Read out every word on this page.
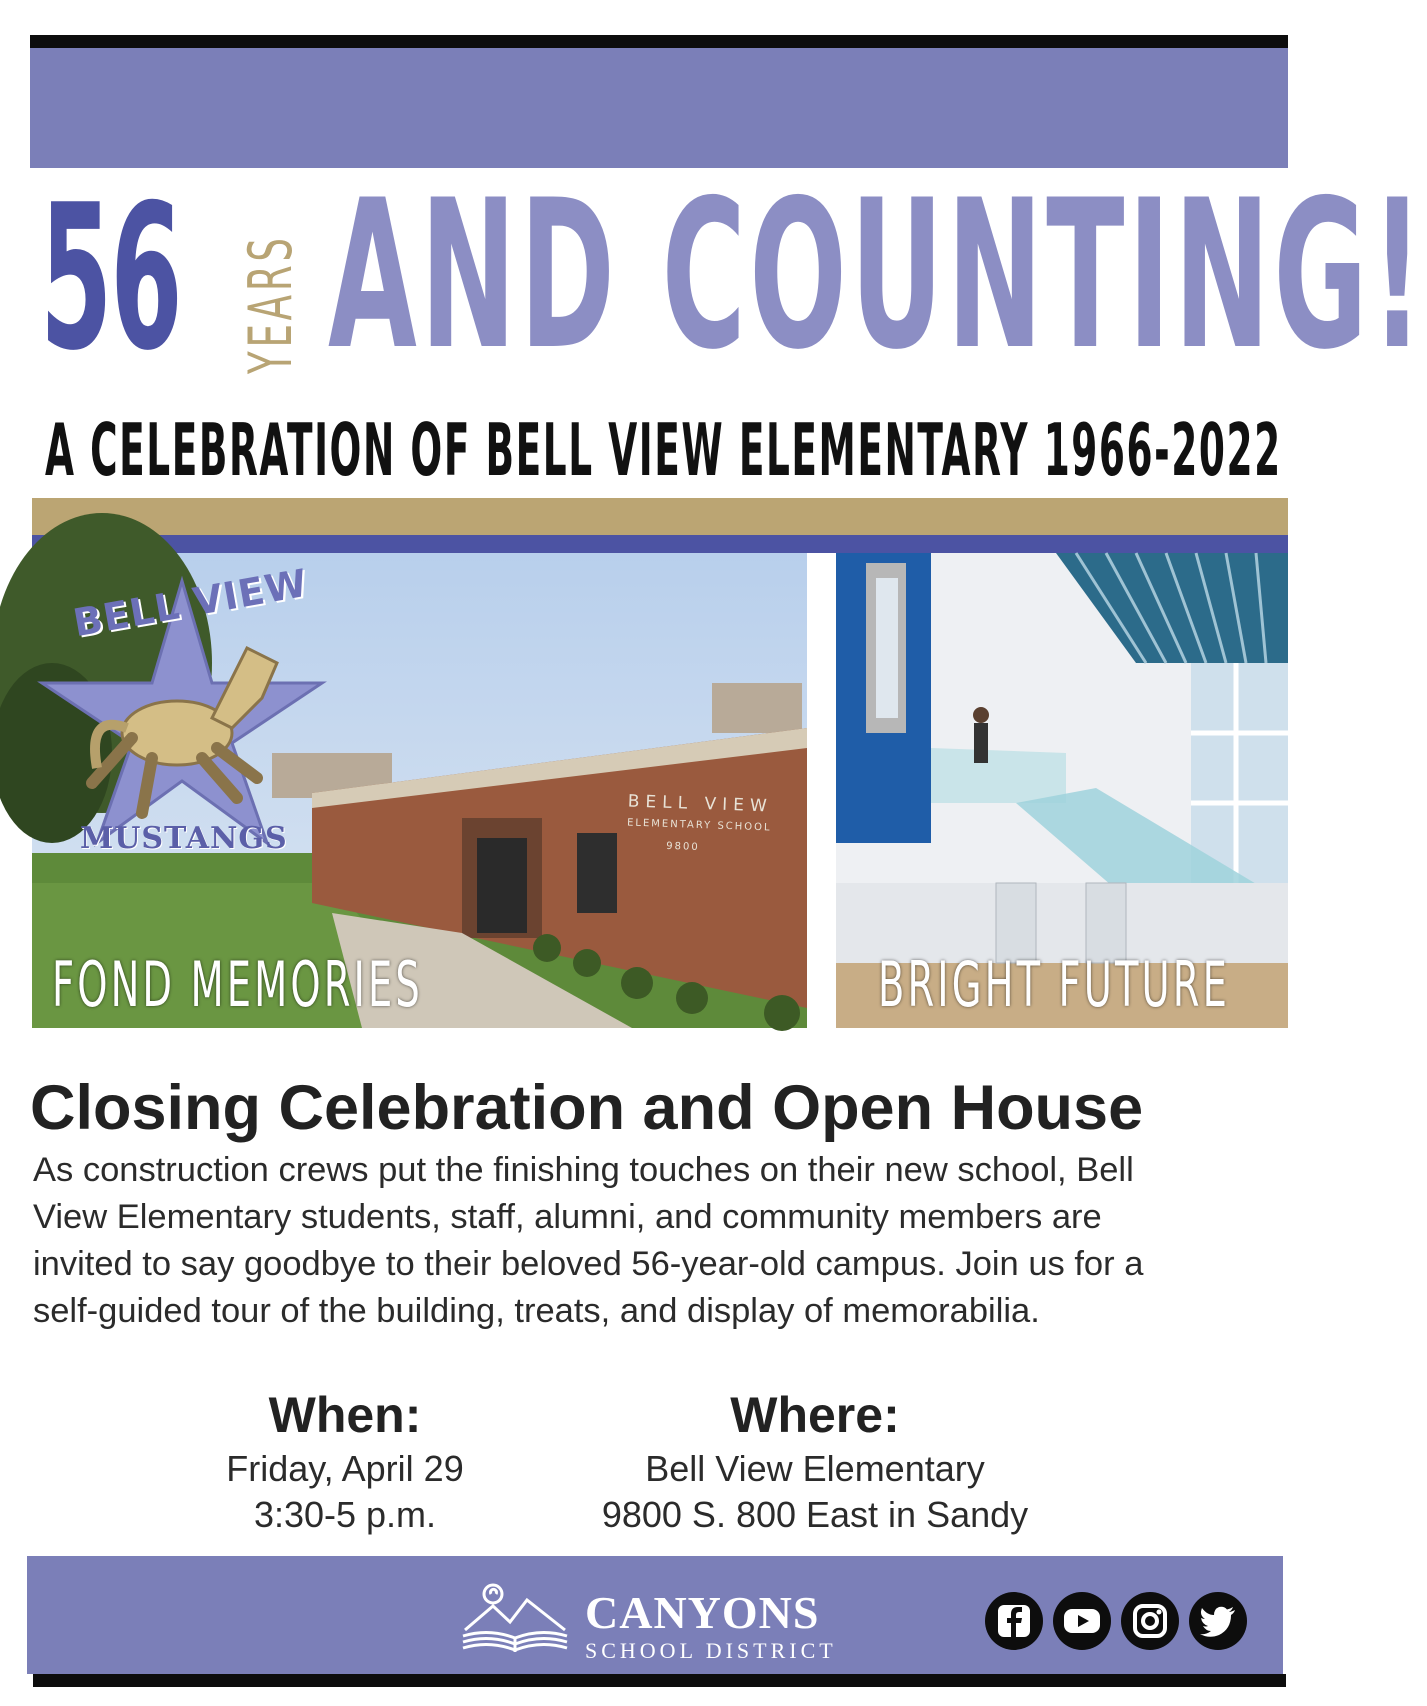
56 YEARS AND COUNTING!
A CELEBRATION OF BELL VIEW ELEMENTARY 1966-2022
BELL VIEW
MUSTANGS
BELL VIEW
ELEMENTARY SCHOOL
9800
FOND MEMORIES	BRIGHT FUTURE
Closing Celebration and Open House

As construction crews put the finishing touches on their new school, Bell

View Elementary students, staff, alumni, and community members are

invited to say goodbye to their beloved 56-year-old campus. Join us for a

self-guided tour of the building, treats, and display of memorabilia.

When:
Friday, April 29
3:30-5 p.m.
Where:
Bell View Elementary
9800 S. 800 East in Sandy
CANYONS
SCHOOL DISTRICT
